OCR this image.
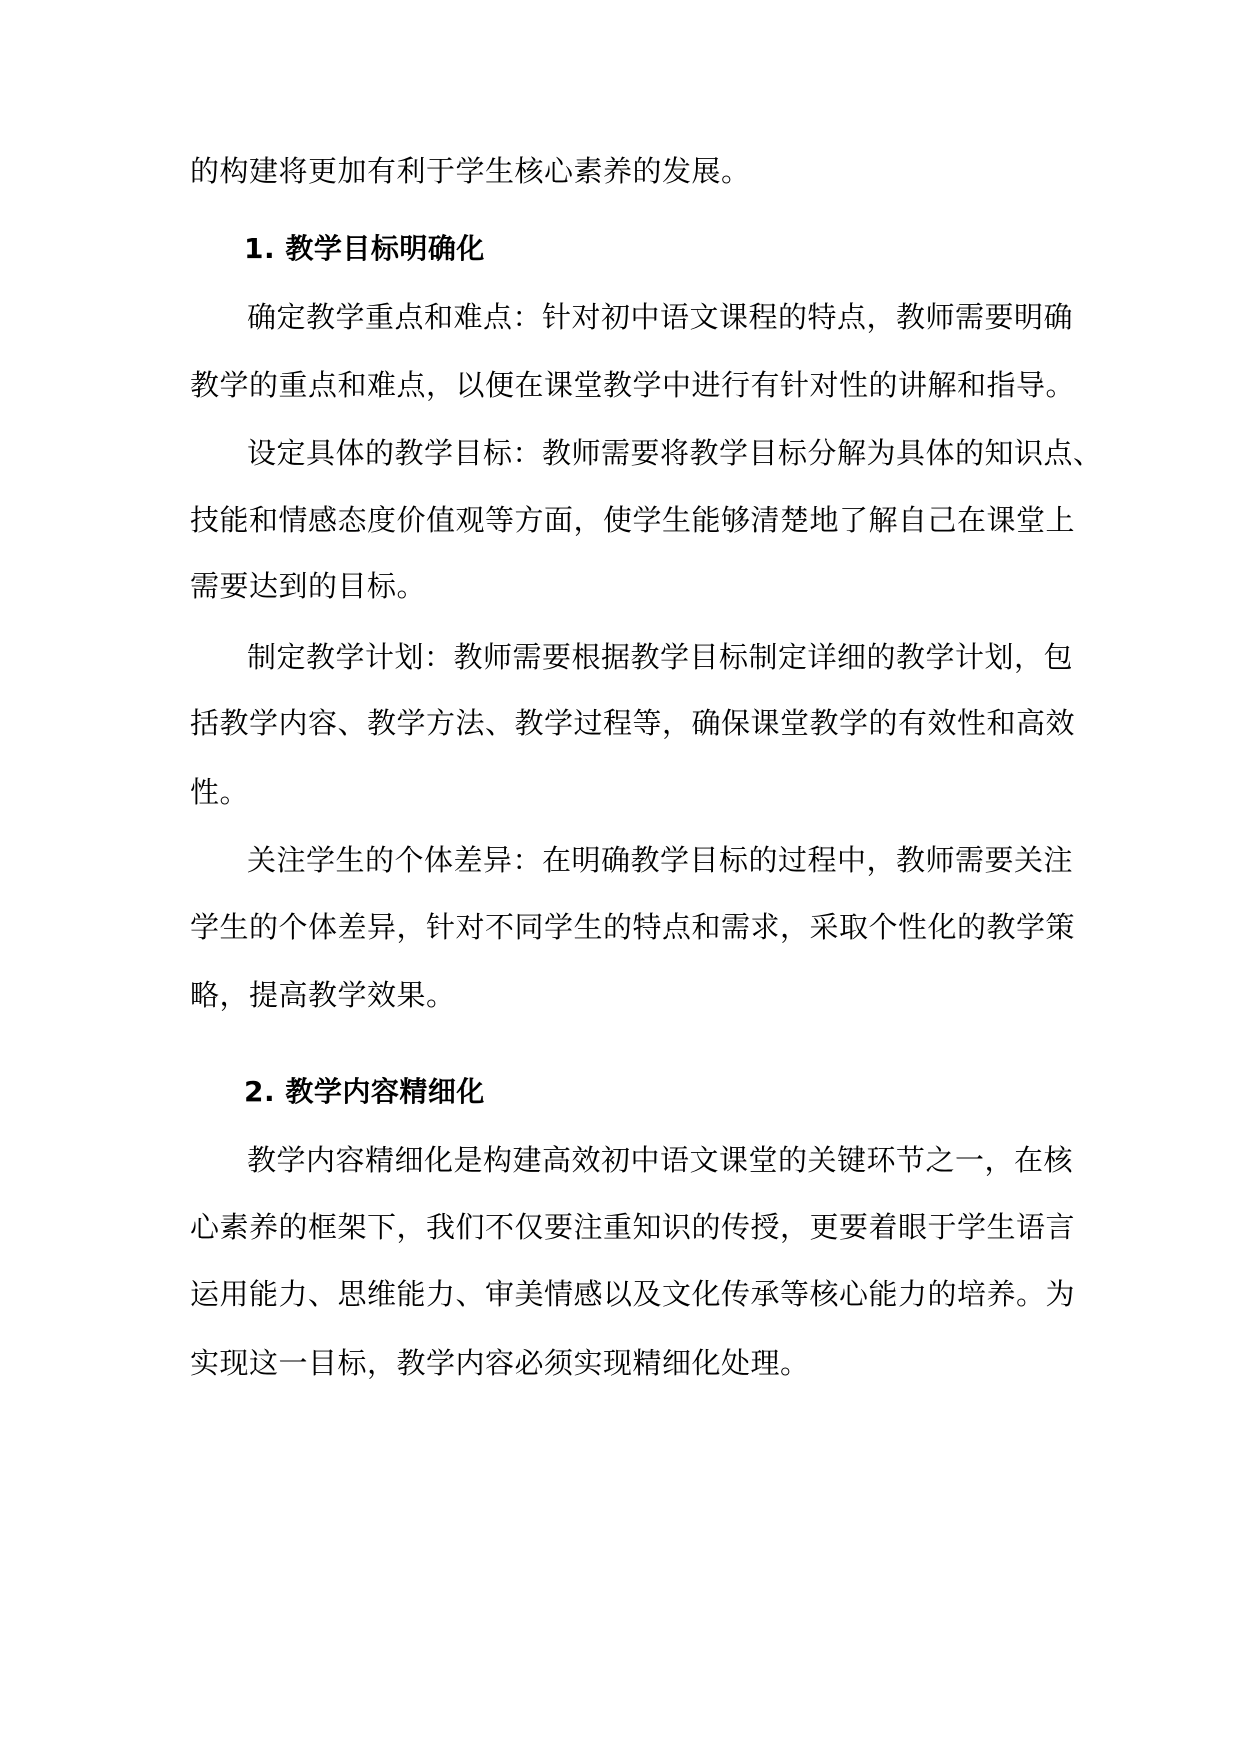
的构建将更加有利于学生核心素养的发展。
1. 教学目标明确化
确定教学重点和难点：针对初中语文课程的特点，教师需要明确
教学的重点和难点，以便在课堂教学中进行有针对性的讲解和指导。
设定具体的教学目标：教师需要将教学目标分解为具体的知识点、
技能和情感态度价值观等方面，使学生能够清楚地了解自己在课堂上
需要达到的目标。
制定教学计划：教师需要根据教学目标制定详细的教学计划，包
括教学内容、教学方法、教学过程等，确保课堂教学的有效性和高效
性。
关注学生的个体差异：在明确教学目标的过程中，教师需要关注
学生的个体差异，针对不同学生的特点和需求，采取个性化的教学策
略，提高教学效果。
2. 教学内容精细化
教学内容精细化是构建高效初中语文课堂的关键环节之一，在核
心素养的框架下，我们不仅要注重知识的传授，更要着眼于学生语言
运用能力、思维能力、审美情感以及文化传承等核心能力的培养。为
实现这一目标，教学内容必须实现精细化处理。
